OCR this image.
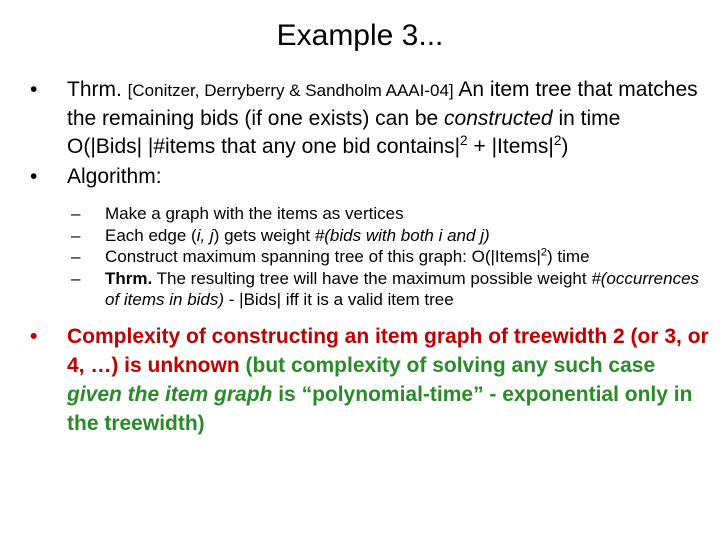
Example 3...
• Thrm. [Conitzer, Derryberry & Sandholm AAAI-04] An item tree that matches the remaining bids (if one exists) can be constructed in time
O(|Bids| |#items that any one bid $contains|^2$ + $|Items|^2$)
• Algorithm:
– Make a graph with the items as vertices
– Each edge (i, j) gets weight #(bids with both i and j)
– Construct maximum spanning tree of this graph: $O(|Items|^2)$ time
– Thrm. The resulting tree will have the maximum possible weight #(occurrences of items in bids) - |Bids| iff it is a valid item tree
• Complexity of constructing an item graph of treewidth 2 (or 3, or 4, …) is unknown (but complexity of solving any such case given the item graph is “polynomial-time” - exponential only in the treewidth)
